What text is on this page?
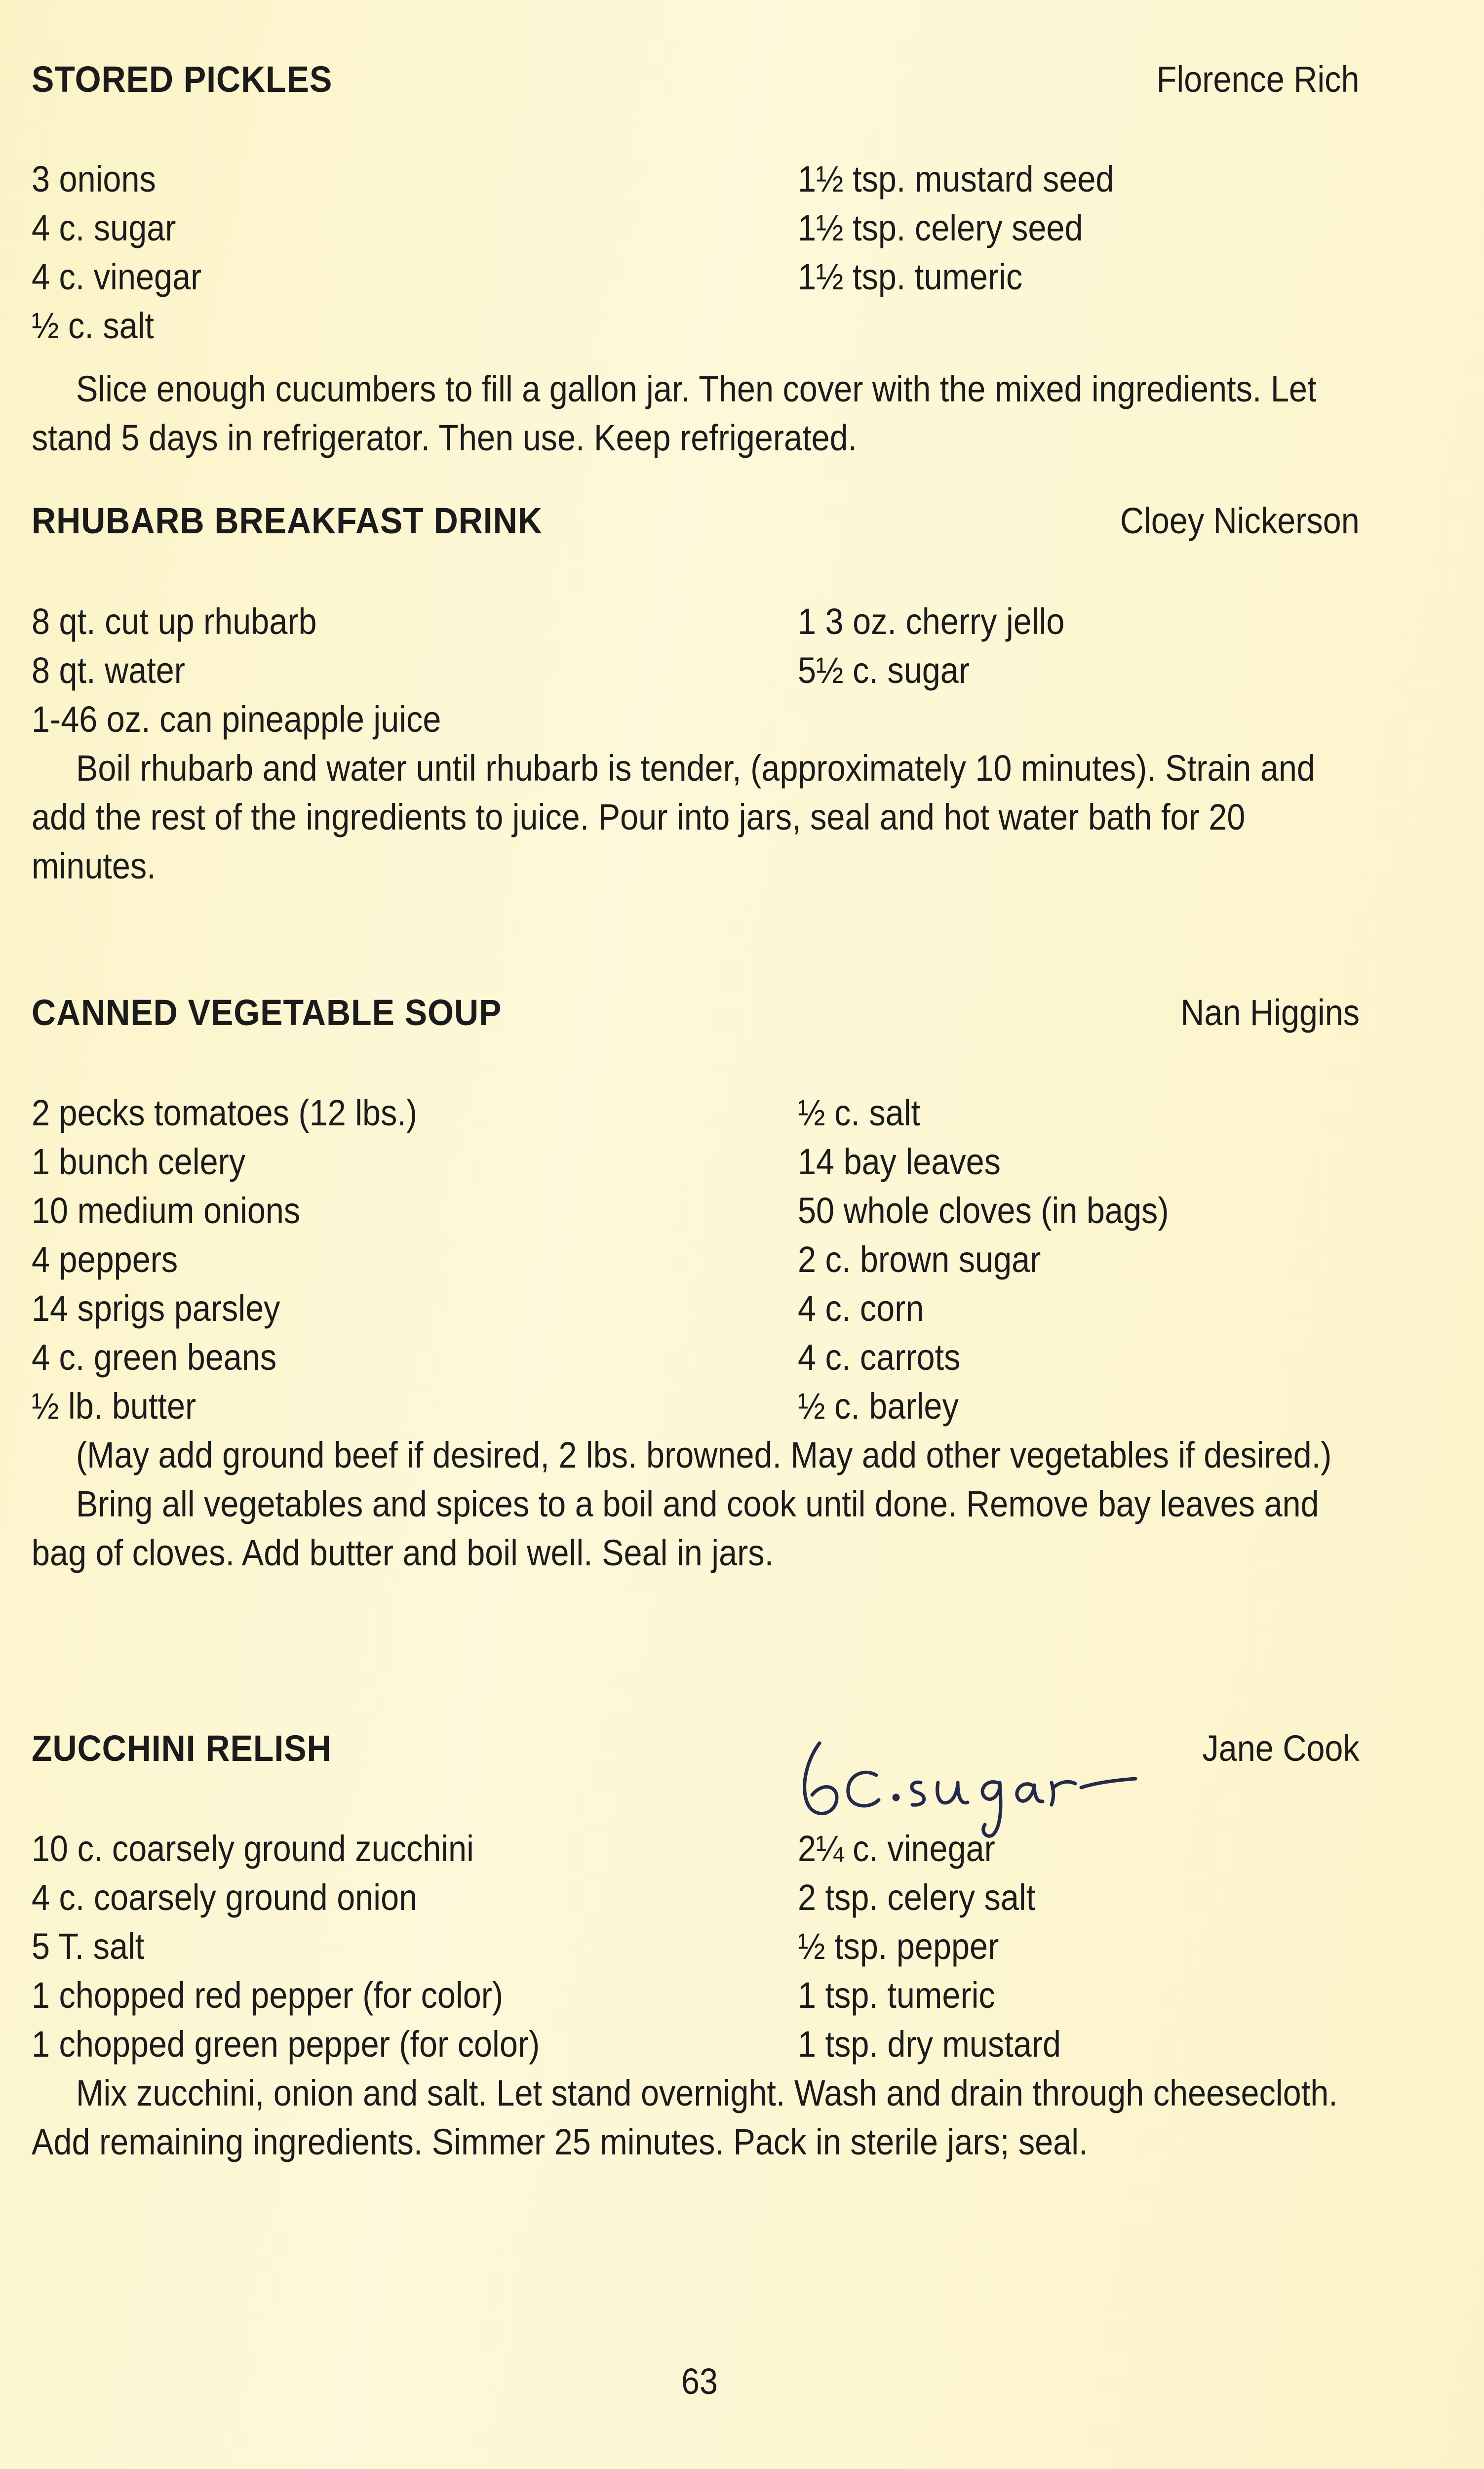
STORED PICKLES	Florence Rich
3 onions
4 c. sugar
4 c. vinegar
½ c. salt
1½ tsp. mustard seed
1½ tsp. celery seed
1½ tsp. tumeric

Slice enough cucumbers to fill a gallon jar. Then cover with the mixed ingredients. Let stand 5 days in refrigerator. Then use. Keep refrigerated.

RHUBARB BREAKFAST DRINK	Cloey Nickerson
8 qt. cut up rhubarb
8 qt. water
1-46 oz. can pineapple juice
1 3 oz. cherry jello
5½ c. sugar

Boil rhubarb and water until rhubarb is tender, (approximately 10 minutes). Strain and add the rest of the ingredients to juice. Pour into jars, seal and hot water bath for 20 minutes.

CANNED VEGETABLE SOUP	Nan Higgins
2 pecks tomatoes (12 lbs.)
1 bunch celery
10 medium onions
4 peppers
14 sprigs parsley
4 c. green beans
½ lb. butter
½ c. salt
14 bay leaves
50 whole cloves (in bags)
2 c. brown sugar
4 c. corn
4 c. carrots
½ c. barley

(May add ground beef if desired, 2 lbs. browned. May add other vegetables if desired.)

Bring all vegetables and spices to a boil and cook until done. Remove bay leaves and bag of cloves. Add butter and boil well. Seal in jars.

ZUCCHINI RELISH	Jane Cook
10 c. coarsely ground zucchini
4 c. coarsely ground onion
5 T. salt
1 chopped red pepper (for color)
1 chopped green pepper (for color)
2¼ c. vinegar
2 tsp. celery salt
½ tsp. pepper
1 tsp. tumeric
1 tsp. dry mustard

Mix zucchini, onion and salt. Let stand overnight. Wash and drain through cheesecloth. Add remaining ingredients. Simmer 25 minutes. Pack in sterile jars; seal.

63
